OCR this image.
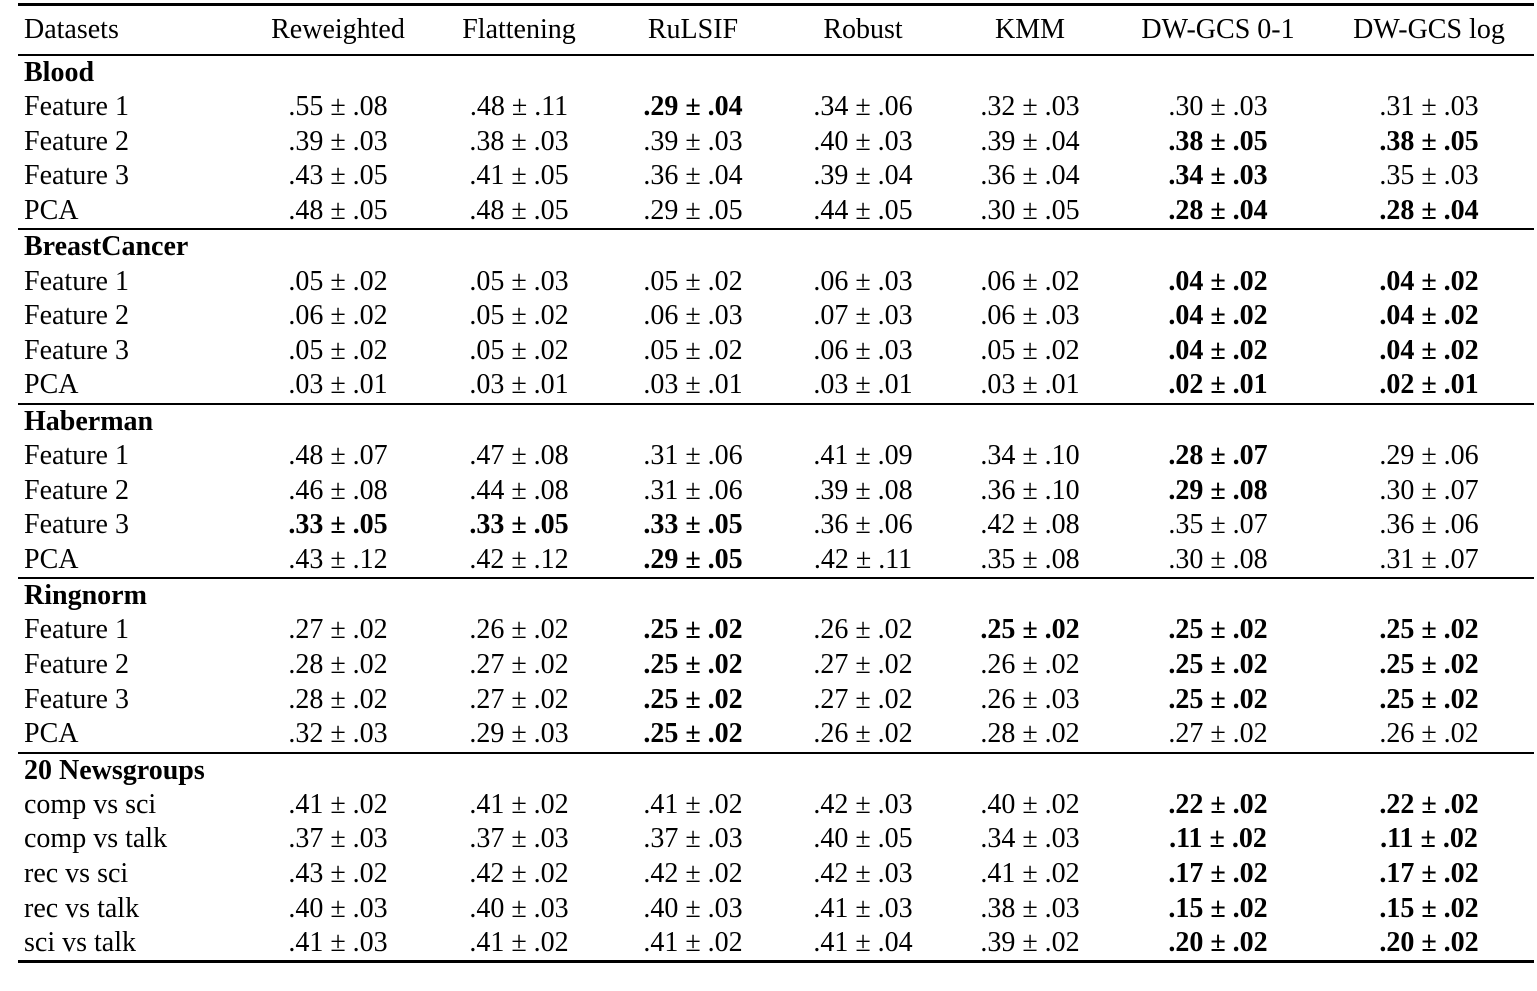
Datasets	Reweighted	Flattening	RuLSIF	Robust	KMM	DW-GCS 0-1	DW-GCS log
Blood							
Feature 1	.55 ± .08	.48 ± .11	.29 ± .04	.34 ± .06	.32 ± .03	.30 ± .03	.31 ± .03
Feature 2	.39 ± .03	.38 ± .03	.39 ± .03	.40 ± .03	.39 ± .04	.38 ± .05	.38 ± .05
Feature 3	.43 ± .05	.41 ± .05	.36 ± .04	.39 ± .04	.36 ± .04	.34 ± .03	.35 ± .03
PCA	.48 ± .05	.48 ± .05	.29 ± .05	.44 ± .05	.30 ± .05	.28 ± .04	.28 ± .04
BreastCancer							
Feature 1	.05 ± .02	.05 ± .03	.05 ± .02	.06 ± .03	.06 ± .02	.04 ± .02	.04 ± .02
Feature 2	.06 ± .02	.05 ± .02	.06 ± .03	.07 ± .03	.06 ± .03	.04 ± .02	.04 ± .02
Feature 3	.05 ± .02	.05 ± .02	.05 ± .02	.06 ± .03	.05 ± .02	.04 ± .02	.04 ± .02
PCA	.03 ± .01	.03 ± .01	.03 ± .01	.03 ± .01	.03 ± .01	.02 ± .01	.02 ± .01
Haberman							
Feature 1	.48 ± .07	.47 ± .08	.31 ± .06	.41 ± .09	.34 ± .10	.28 ± .07	.29 ± .06
Feature 2	.46 ± .08	.44 ± .08	.31 ± .06	.39 ± .08	.36 ± .10	.29 ± .08	.30 ± .07
Feature 3	.33 ± .05	.33 ± .05	.33 ± .05	.36 ± .06	.42 ± .08	.35 ± .07	.36 ± .06
PCA	.43 ± .12	.42 ± .12	.29 ± .05	.42 ± .11	.35 ± .08	.30 ± .08	.31 ± .07
Ringnorm							
Feature 1	.27 ± .02	.26 ± .02	.25 ± .02	.26 ± .02	.25 ± .02	.25 ± .02	.25 ± .02
Feature 2	.28 ± .02	.27 ± .02	.25 ± .02	.27 ± .02	.26 ± .02	.25 ± .02	.25 ± .02
Feature 3	.28 ± .02	.27 ± .02	.25 ± .02	.27 ± .02	.26 ± .03	.25 ± .02	.25 ± .02
PCA	.32 ± .03	.29 ± .03	.25 ± .02	.26 ± .02	.28 ± .02	.27 ± .02	.26 ± .02
20 Newsgroups							
comp vs sci	.41 ± .02	.41 ± .02	.41 ± .02	.42 ± .03	.40 ± .02	.22 ± .02	.22 ± .02
comp vs talk	.37 ± .03	.37 ± .03	.37 ± .03	.40 ± .05	.34 ± .03	.11 ± .02	.11 ± .02
rec vs sci	.43 ± .02	.42 ± .02	.42 ± .02	.42 ± .03	.41 ± .02	.17 ± .02	.17 ± .02
rec vs talk	.40 ± .03	.40 ± .03	.40 ± .03	.41 ± .03	.38 ± .03	.15 ± .02	.15 ± .02
sci vs talk	.41 ± .03	.41 ± .02	.41 ± .02	.41 ± .04	.39 ± .02	.20 ± .02	.20 ± .02
